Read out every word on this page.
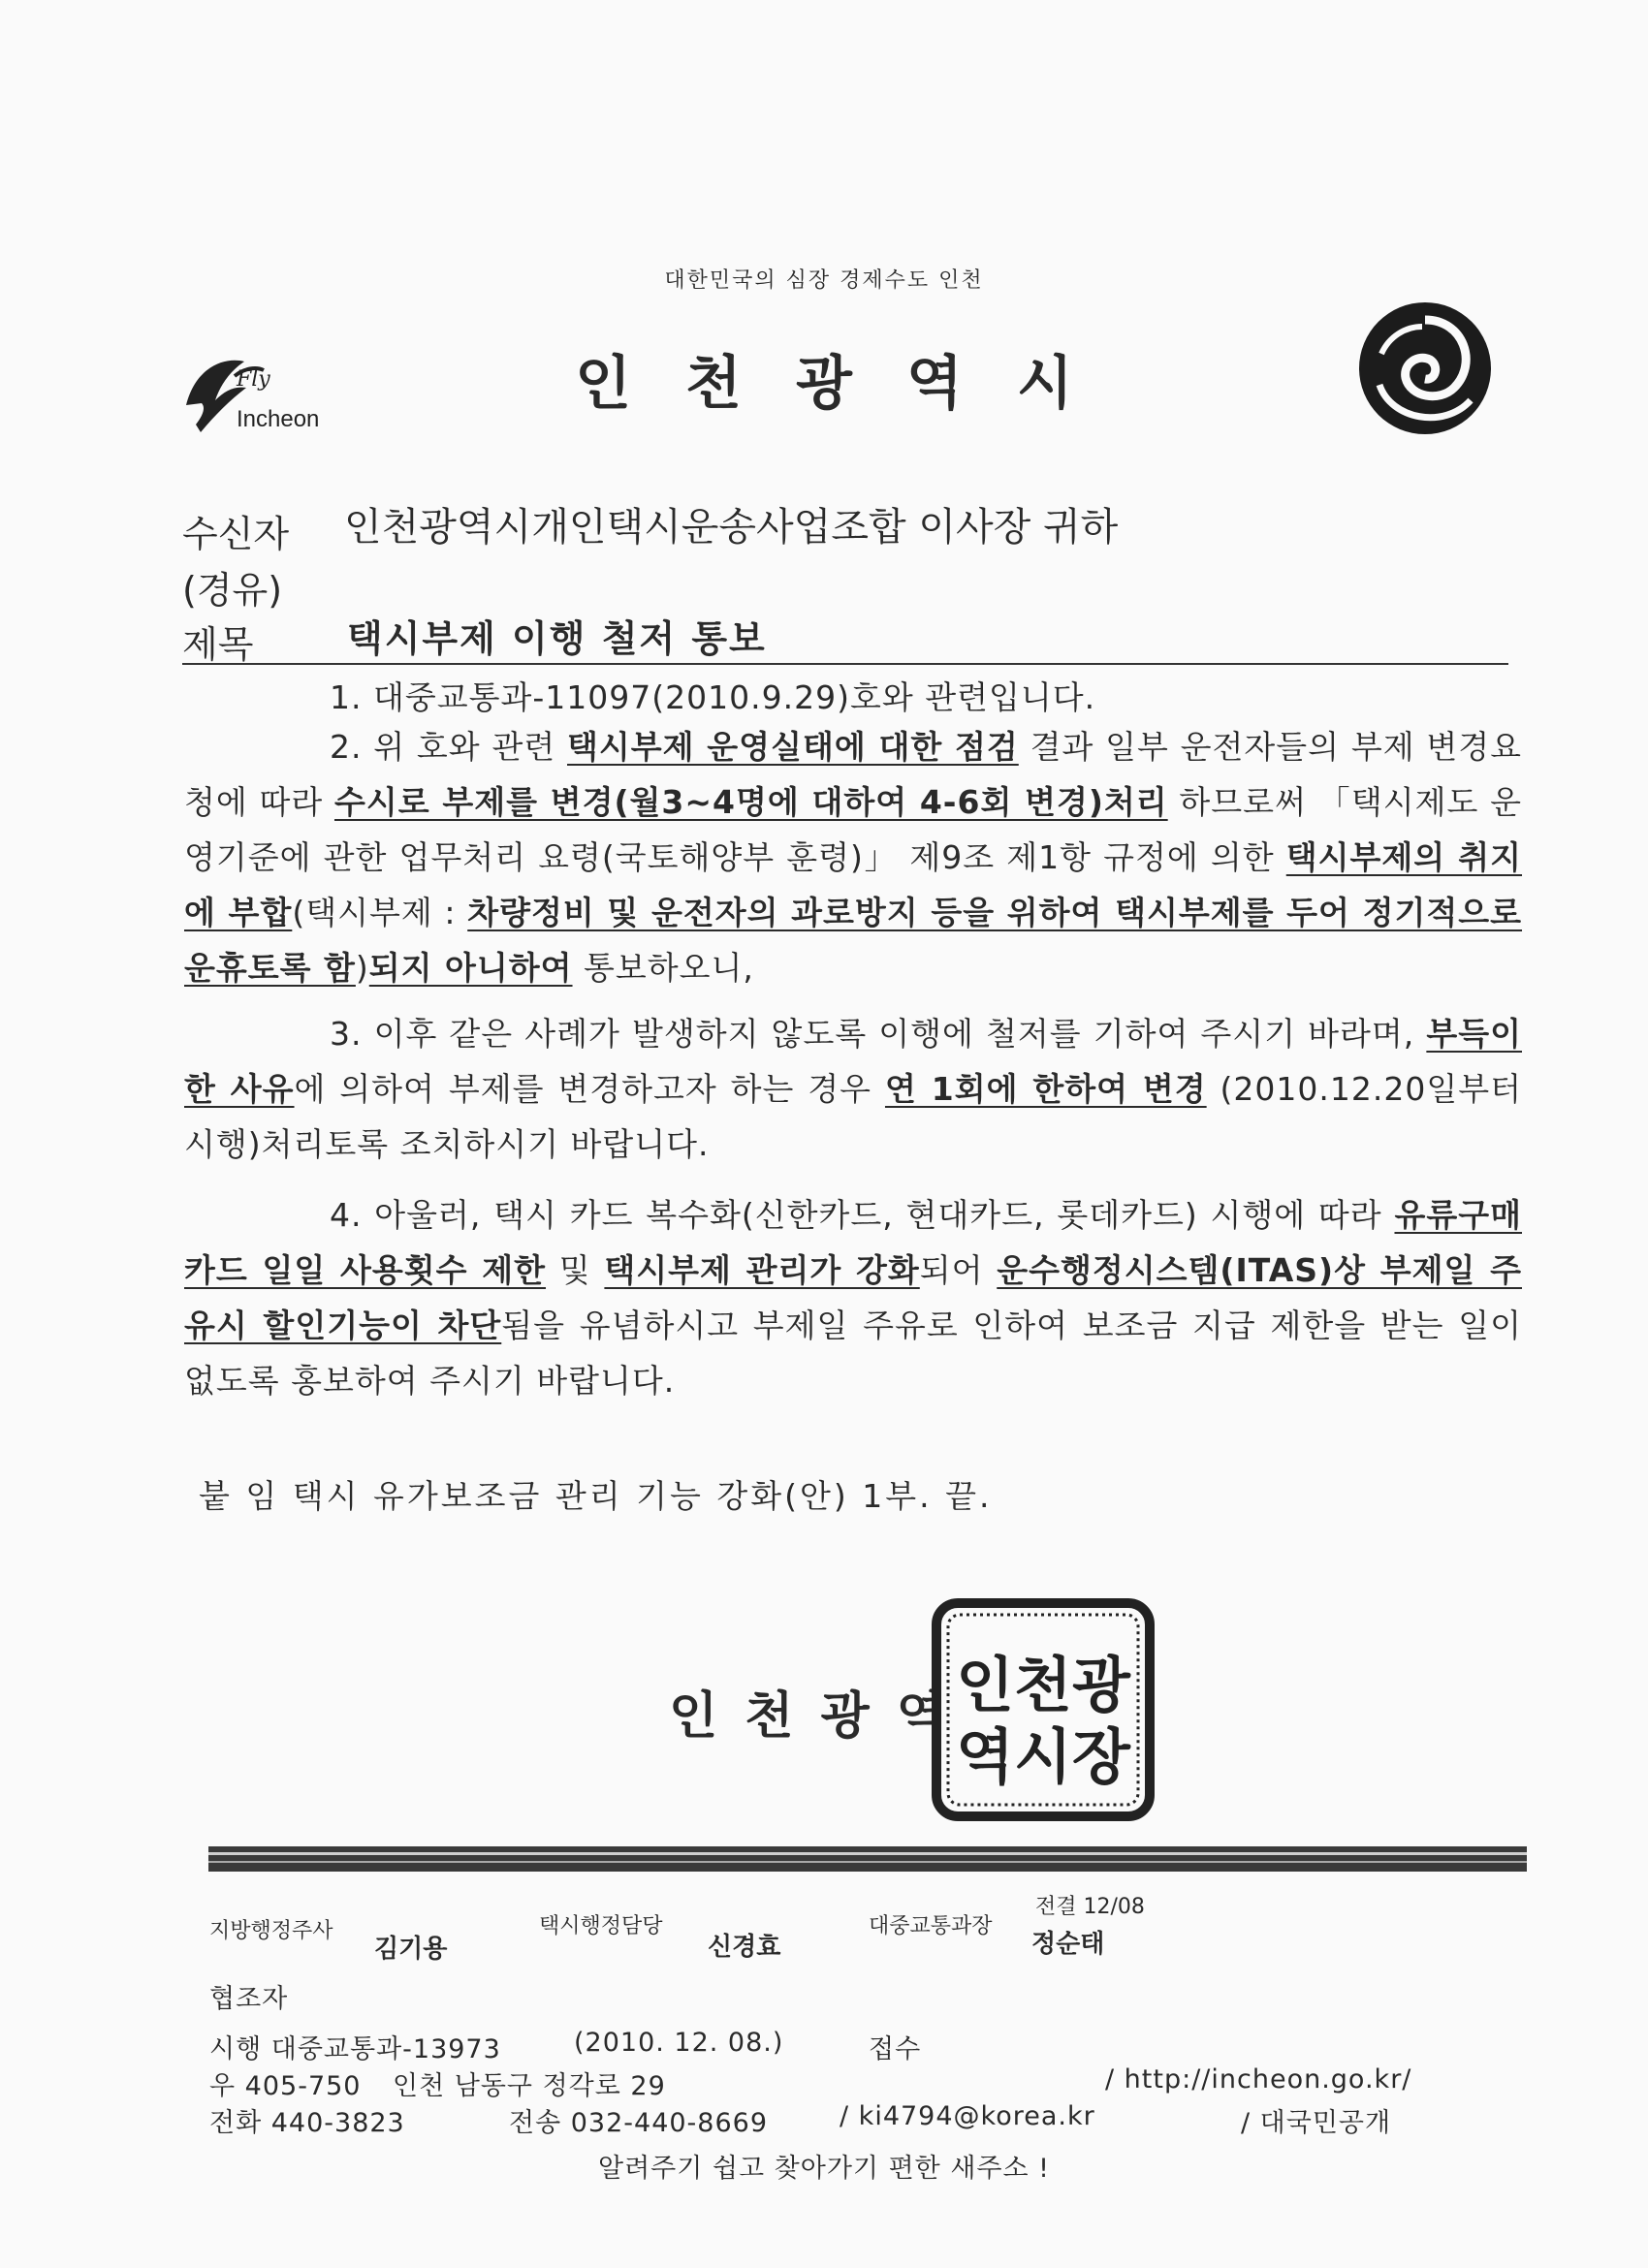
대한민국의 심장 경제수도 인천
Fly
Incheon
인천광역시
수신자 인천광역시개인택시운송사업조합 이사장 귀하
(경유)
제목	택시부제 이행 철저 통보
1. 대중교통과-11097(2010.9.29)호와 관련입니다.
2. 위 호와 관련 택시부제 운영실태에 대한 점검 결과 일부 운전자들의 부제 변경요청에 따라 수시로 부제를 변경(월3~4명에 대하여 4-6회 변경)처리 하므로써 「택시제도 운영기준에 관한 업무처리 요령(국토해양부 훈령)」 제9조 제1항 규정에 의한 택시부제의 취지에 부합(택시부제 : 차량정비 및 운전자의 과로방지 등을 위하여 택시부제를 두어 정기적으로 운휴토록 함)되지 아니하여 통보하오니,
3. 이후 같은 사례가 발생하지 않도록 이행에 철저를 기하여 주시기 바라며, 부득이한 사유에 의하여 부제를 변경하고자 하는 경우 연 1회에 한하여 변경 (2010.12.20일부터 시행)처리토록 조치하시기 바랍니다.
4. 아울러, 택시 카드 복수화(신한카드, 현대카드, 롯데카드) 시행에 따라 유류구매카드 일일 사용횟수 제한 및 택시부제 관리가 강화되어 운수행정시스템(ITAS)상 부제일 주유시 할인기능이 차단됨을 유념하시고 부제일 주유로 인하여 보조금 지급 제한을 받는 일이 없도록 홍보하여 주시기 바랍니다.
붙 임 택시 유가보조금 관리 기능 강화(안) 1부. 끝.
인천광역
인천광
역시장
지방행정주사
김기용
택시행정담당
신경효
대중교통과장
전결 12/08
정순태
협조자
시행 대중교통과-13973	(2010. 12. 08.)	접수
우 405-750 인천 남동구 정각로 29	/ http://incheon.go.kr/
전화 440-3823	전송 032-440-8669	/ ki4794@korea.kr	/ 대국민공개
알려주기 쉽고 찾아가기 편한 새주소 !
